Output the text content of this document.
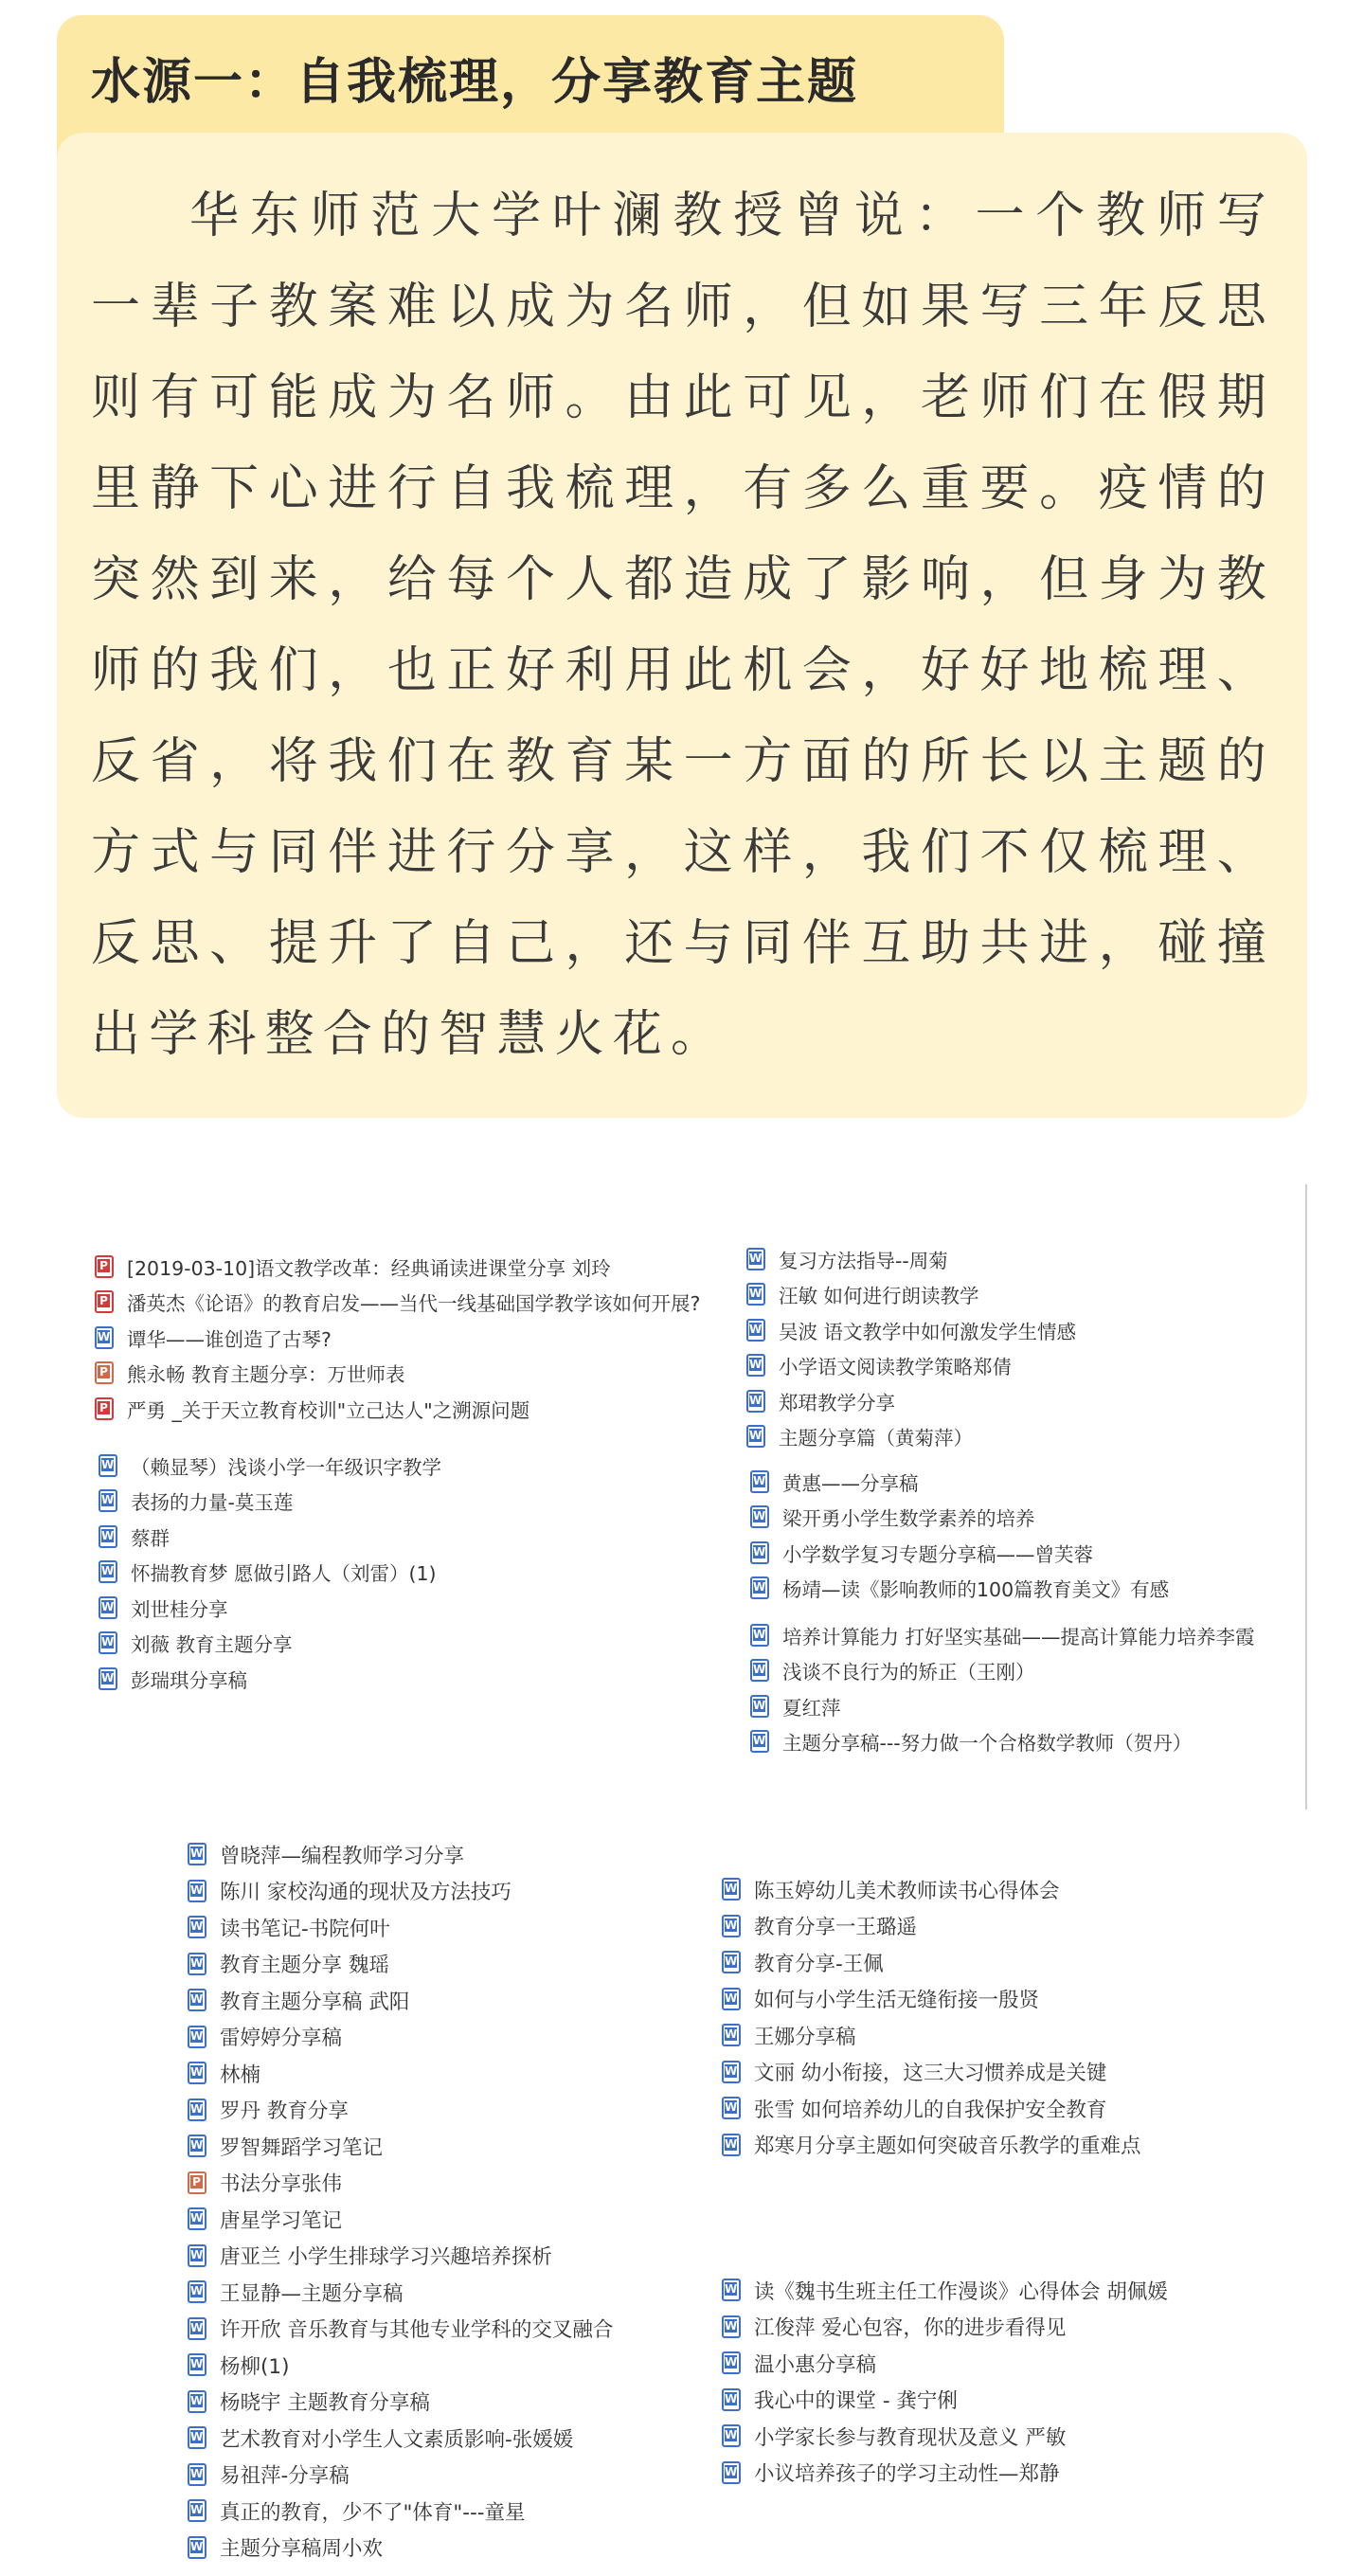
水源一：自我梳理，分享教育主题

华东师范大学叶澜教授曾说：一个教师写一辈子教案难以成为名师，但如果写三年反思则有可能成为名师。由此可见，老师们在假期里静下心进行自我梳理，有多么重要。疫情的突然到来，给每个人都造成了影响，但身为教师的我们，也正好利用此机会，好好地梳理、反省，将我们在教育某一方面的所长以主题的方式与同伴进行分享，这样，我们不仅梳理、反思、提升了自己，还与同伴互助共进，碰撞出学科整合的智慧火花。

P
[2019-03-10]语文教学改革：经典诵读进课堂分享 刘玲
P
潘英杰《论语》的教育启发——当代一线基础国学教学该如何开展?
W
谭华——谁创造了古琴?
P
熊永畅 教育主题分享：万世师表
P
严勇 _关于天立教育校训"立己达人"之溯源问题
W
（赖显琴）浅谈小学一年级识字教学
W
表扬的力量-莫玉莲
W
蔡群
W
怀揣教育梦 愿做引路人（刘雷）(1)
W
刘世桂分享
W
刘薇 教育主题分享
W
彭瑞琪分享稿
W
复习方法指导--周菊
W
汪敏 如何进行朗读教学
W
吴波 语文教学中如何激发学生情感
W
小学语文阅读教学策略郑倩
W
郑珺教学分享
W
主题分享篇（黄菊萍）
W
黄惠——分享稿
W
梁开勇小学生数学素养的培养
W
小学数学复习专题分享稿——曾芙蓉
W
杨靖—读《影响教师的100篇教育美文》有感
W
培养计算能力 打好坚实基础——提高计算能力培养李霞
W
浅谈不良行为的矫正（王刚）
W
夏红萍
W
主题分享稿---努力做一个合格数学教师（贺丹）
W
曾晓萍—编程教师学习分享
W
陈川 家校沟通的现状及方法技巧
W
读书笔记-书院何叶
W
教育主题分享 魏瑶
W
教育主题分享稿 武阳
W
雷婷婷分享稿
W
林楠
W
罗丹 教育分享
W
罗智舞蹈学习笔记
P
书法分享张伟
W
唐星学习笔记
W
唐亚兰 小学生排球学习兴趣培养探析
W
王显静—主题分享稿
W
许开欣 音乐教育与其他专业学科的交叉融合
W
杨柳(1)
W
杨晓宇 主题教育分享稿
W
艺术教育对小学生人文素质影响-张媛媛
W
易祖萍-分享稿
W
真正的教育，少不了"体育"---童星
W
主题分享稿周小欢
W
陈玉婷幼儿美术教师读书心得体会
W
教育分享一王璐遥
W
教育分享-王佩
W
如何与小学生活无缝衔接一殷贤
W
王娜分享稿
W
文丽 幼小衔接，这三大习惯养成是关键
W
张雪 如何培养幼儿的自我保护安全教育
W
郑寒月分享主题如何突破音乐教学的重难点
W
读《魏书生班主任工作漫谈》心得体会 胡佩媛
W
江俊萍 爱心包容，你的进步看得见
W
温小惠分享稿
W
我心中的课堂 - 龚宁俐
W
小学家长参与教育现状及意义 严敏
W
小议培养孩子的学习主动性—郑静
